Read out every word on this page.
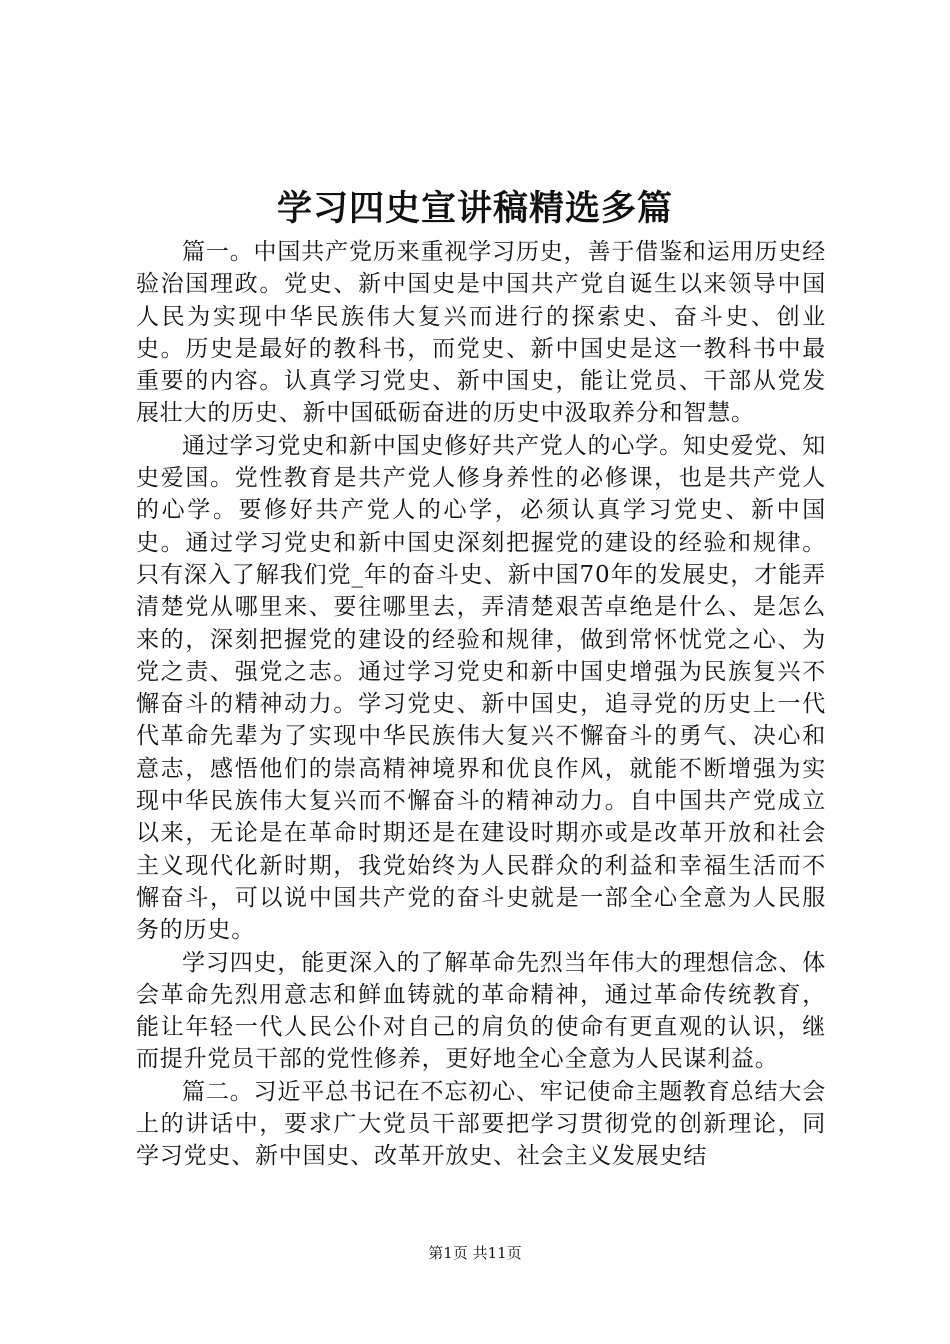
学习四史宣讲稿精选多篇

篇一。中国共产党历来重视学习历史，善于借鉴和运用历史经验治国理政。党史、新中国史是中国共产党自诞生以来领导中国人民为实现中华民族伟大复兴而进行的探索史、奋斗史、创业史。历史是最好的教科书，而党史、新中国史是这一教科书中最重要的内容。认真学习党史、新中国史，能让党员、干部从党发展壮大的历史、新中国砥砺奋进的历史中汲取养分和智慧。

通过学习党史和新中国史修好共产党人的心学。知史爱党、知史爱国。党性教育是共产党人修身养性的必修课，也是共产党人的心学。要修好共产党人的心学，必须认真学习党史、新中国史。通过学习党史和新中国史深刻把握党的建设的经验和规律。只有深入了解我们党_年的奋斗史、新中国70年的发展史，才能弄清楚党从哪里来、要往哪里去，弄清楚艰苦卓绝是什么、是怎么来的，深刻把握党的建设的经验和规律，做到常怀忧党之心、为党之责、强党之志。通过学习党史和新中国史增强为民族复兴不懈奋斗的精神动力。学习党史、新中国史，追寻党的历史上一代代革命先辈为了实现中华民族伟大复兴不懈奋斗的勇气、决心和意志，感悟他们的崇高精神境界和优良作风，就能不断增强为实现中华民族伟大复兴而不懈奋斗的精神动力。自中国共产党成立以来，无论是在革命时期还是在建设时期亦或是改革开放和社会主义现代化新时期，我党始终为人民群众的利益和幸福生活而不懈奋斗，可以说中国共产党的奋斗史就是一部全心全意为人民服务的历史。

学习四史，能更深入的了解革命先烈当年伟大的理想信念、体会革命先烈用意志和鲜血铸就的革命精神，通过革命传统教育，能让年轻一代人民公仆对自己的肩负的使命有更直观的认识，继而提升党员干部的党性修养，更好地全心全意为人民谋利益。

篇二。习近平总书记在不忘初心、牢记使命主题教育总结大会上的讲话中，要求广大党员干部要把学习贯彻党的创新理论，同学习党史、新中国史、改革开放史、社会主义发展史结

第1页 共11页
